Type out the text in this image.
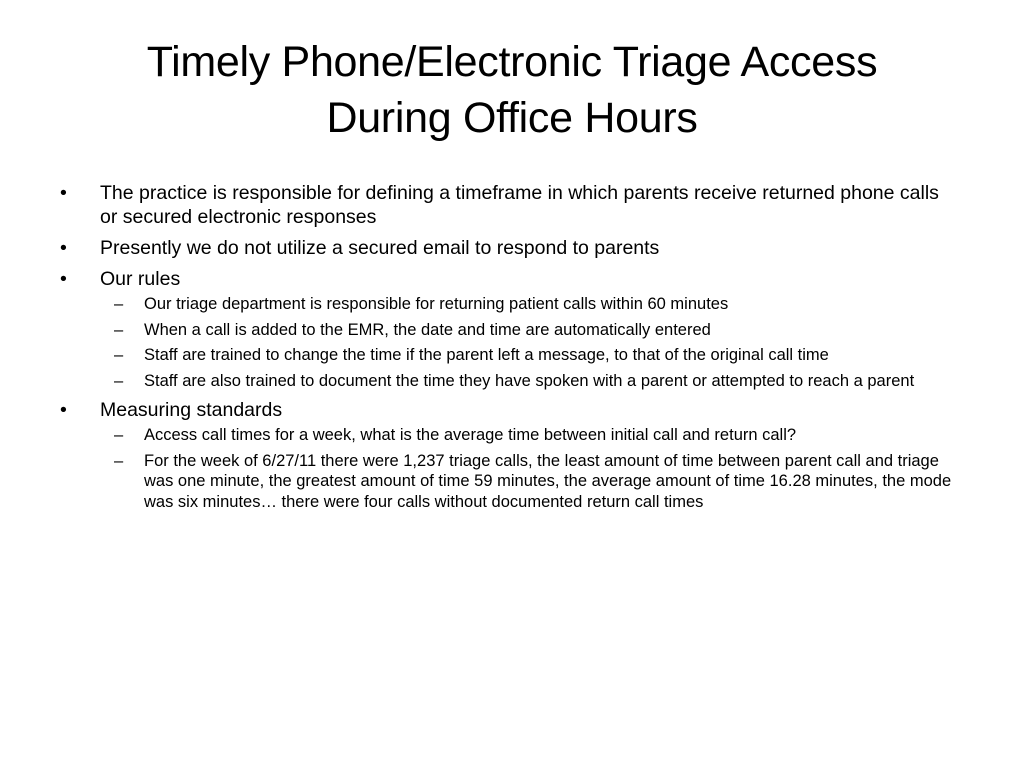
Timely Phone/Electronic Triage Access
During Office Hours
•	The practice is responsible for defining a timeframe in which parents receive returned phone calls or secured electronic responses
•	Presently we do not utilize a secured email to respond to parents
•	Our rules
– Our triage department is responsible for returning patient calls within 60 minutes
– When a call is added to the EMR, the date and time are automatically entered
– Staff are trained to change the time if the parent left a message, to that of the original call time
– Staff are also trained to document the time they have spoken with a parent or attempted to reach a parent
•	Measuring standards
– Access call times for a week, what is the average time between initial call and return call?
– For the week of 6/27/11 there were 1,237 triage calls, the least amount of time between parent call and triage was one minute, the greatest amount of time 59 minutes, the average amount of time 16.28 minutes, the mode was six minutes… there were four calls without documented return call times
